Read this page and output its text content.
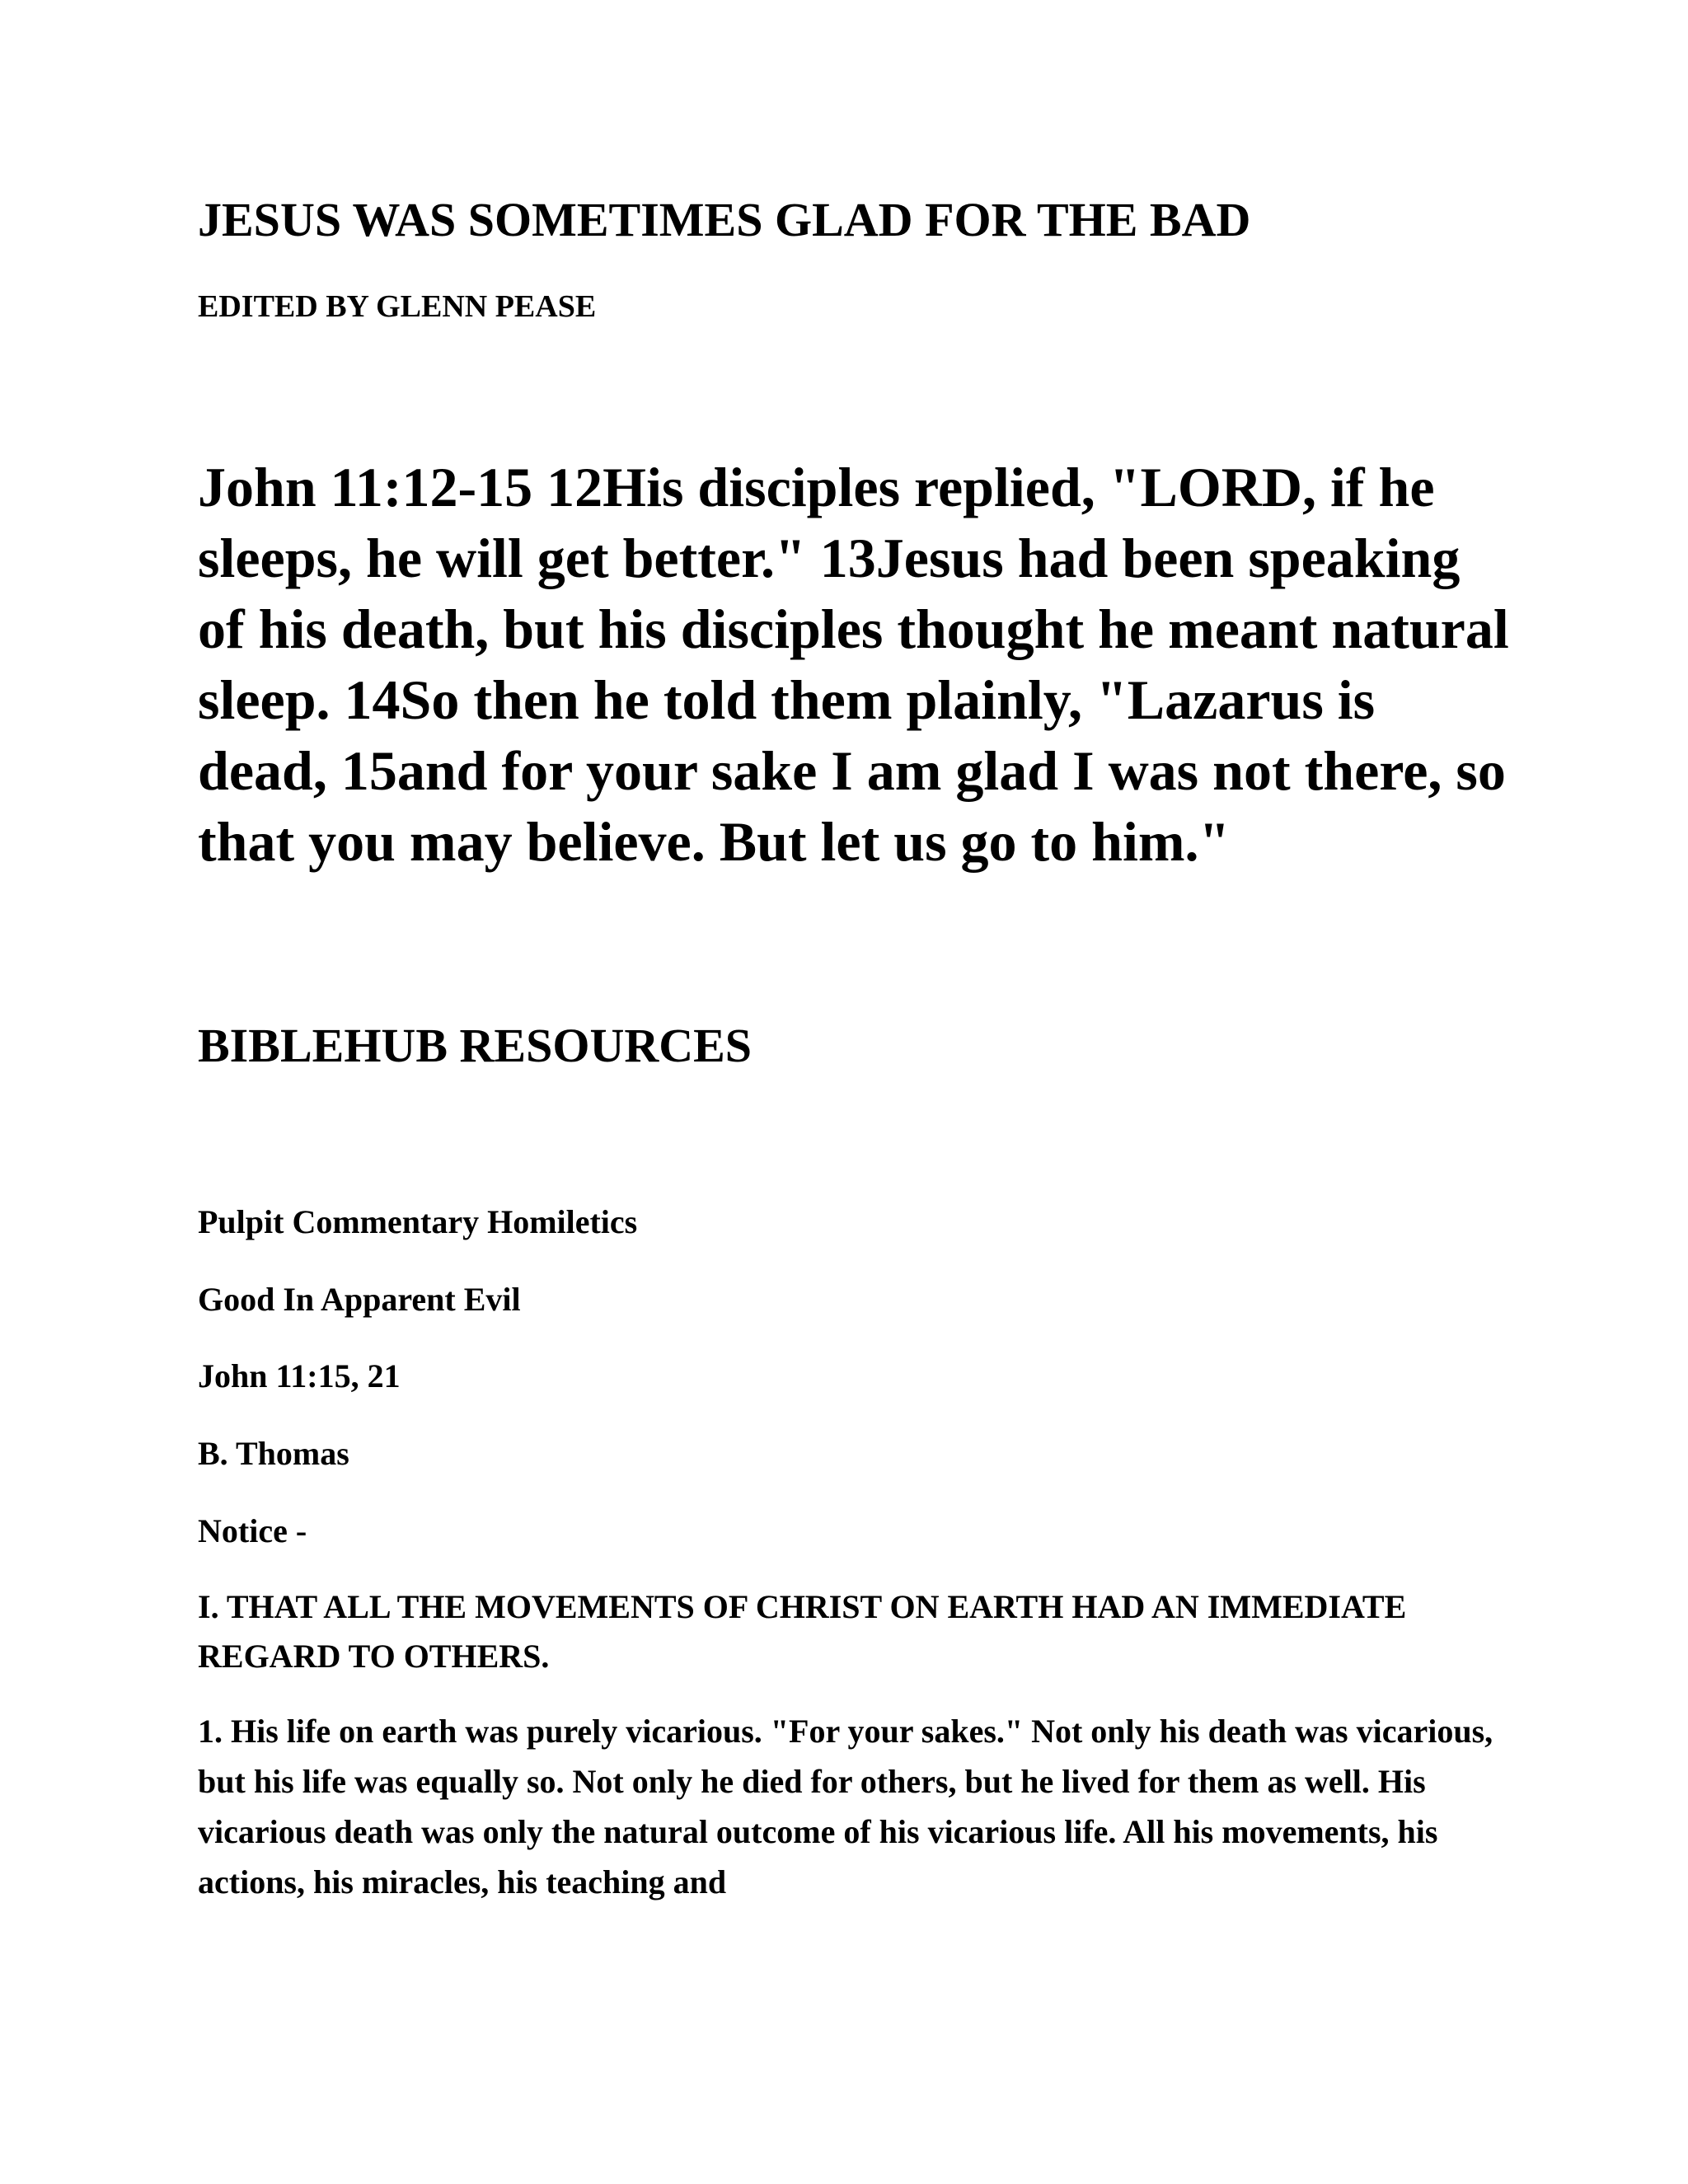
JESUS WAS SOMETIMES GLAD FOR THE BAD
EDITED BY GLENN PEASE

John 11:12-15 12His disciples replied, "LORD, if he sleeps, he will get better." 13Jesus had been speaking of his death, but his disciples thought he meant natural sleep. 14So then he told them plainly, "Lazarus is dead, 15and for your sake I am glad I was not there, so that you may believe. But let us go to him."

BIBLEHUB RESOURCES
Pulpit Commentary Homiletics
Good In Apparent Evil
John 11:15, 21
B. Thomas
Notice -

I. THAT ALL THE MOVEMENTS OF CHRIST ON EARTH HAD AN IMMEDIATE REGARD TO OTHERS.

1. His life on earth was purely vicarious. "For your sakes." Not only his death was vicarious, but his life was equally so. Not only he died for others, but he lived for them as well. His vicarious death was only the natural outcome of his vicarious life. All his movements, his actions, his miracles, his teaching and
